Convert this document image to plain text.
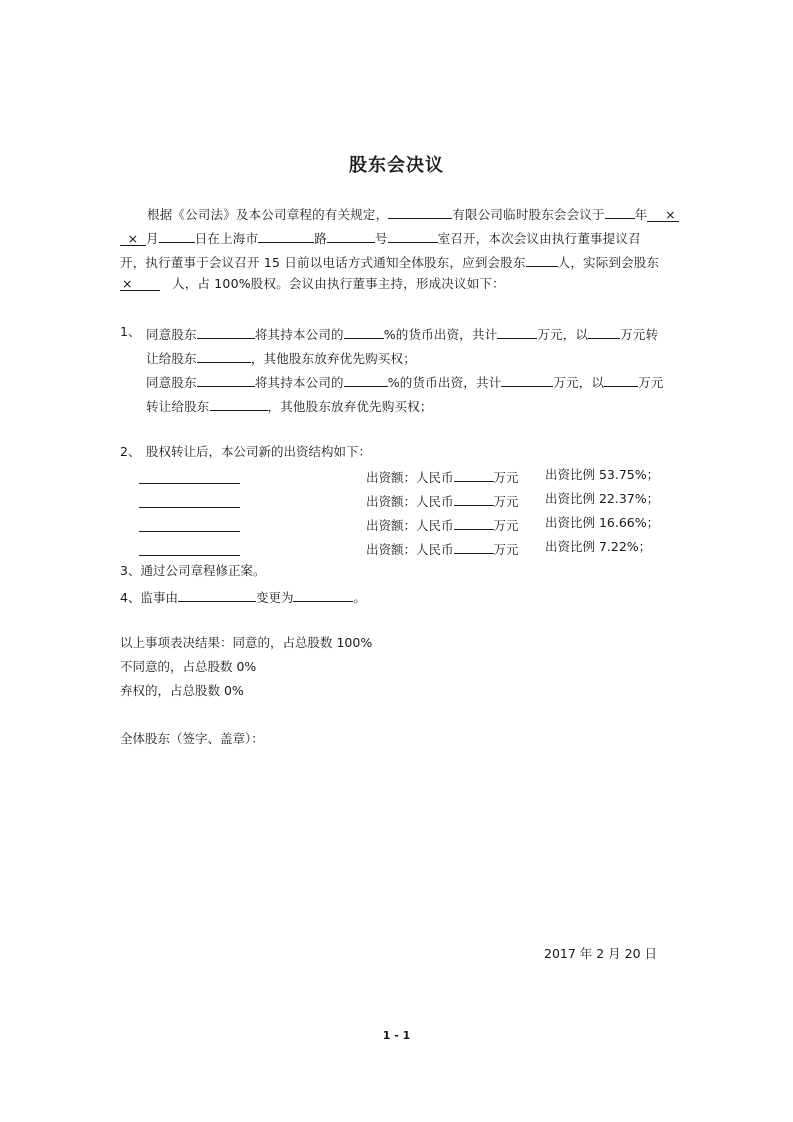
股东会决议
根据《公司法》及本公司章程的有关规定，	有限公司临时股东会会议于 年 ×
× 月	日在上海市	路	号	室召开，本次会议由执行董事提议召
开，执行董事于会议召开 15 日前以电话方式通知全体股东，应到会股东	人，实际到会股东
×	人，占 100%股权。会议由执行董事主持，形成决议如下：
1、 同意股东	将其持本公司的	%的货币出资，共计	万元，以	万元转
让给股东	，其他股东放弃优先购买权；
同意股东	将其持本公司的	%的货币出资，共计	万元，以	万元
转让给股东	，其他股东放弃优先购买权；
2、 股权转让后，本公司新的出资结构如下：
出资额：人民币	万元 出资比例 53.75%；
出资额：人民币	万元 出资比例 22.37%；
出资额：人民币	万元 出资比例 16.66%；
出资额：人民币	万元 出资比例 7.22%；
3、通过公司章程修正案。
4、监事由	变更为	。
以上事项表决结果：同意的，占总股数 100%
不同意的，占总股数 0%
弃权的，占总股数 0%
全体股东（签字、盖章）：
2017 年 2 月 20 日
1 - 1
